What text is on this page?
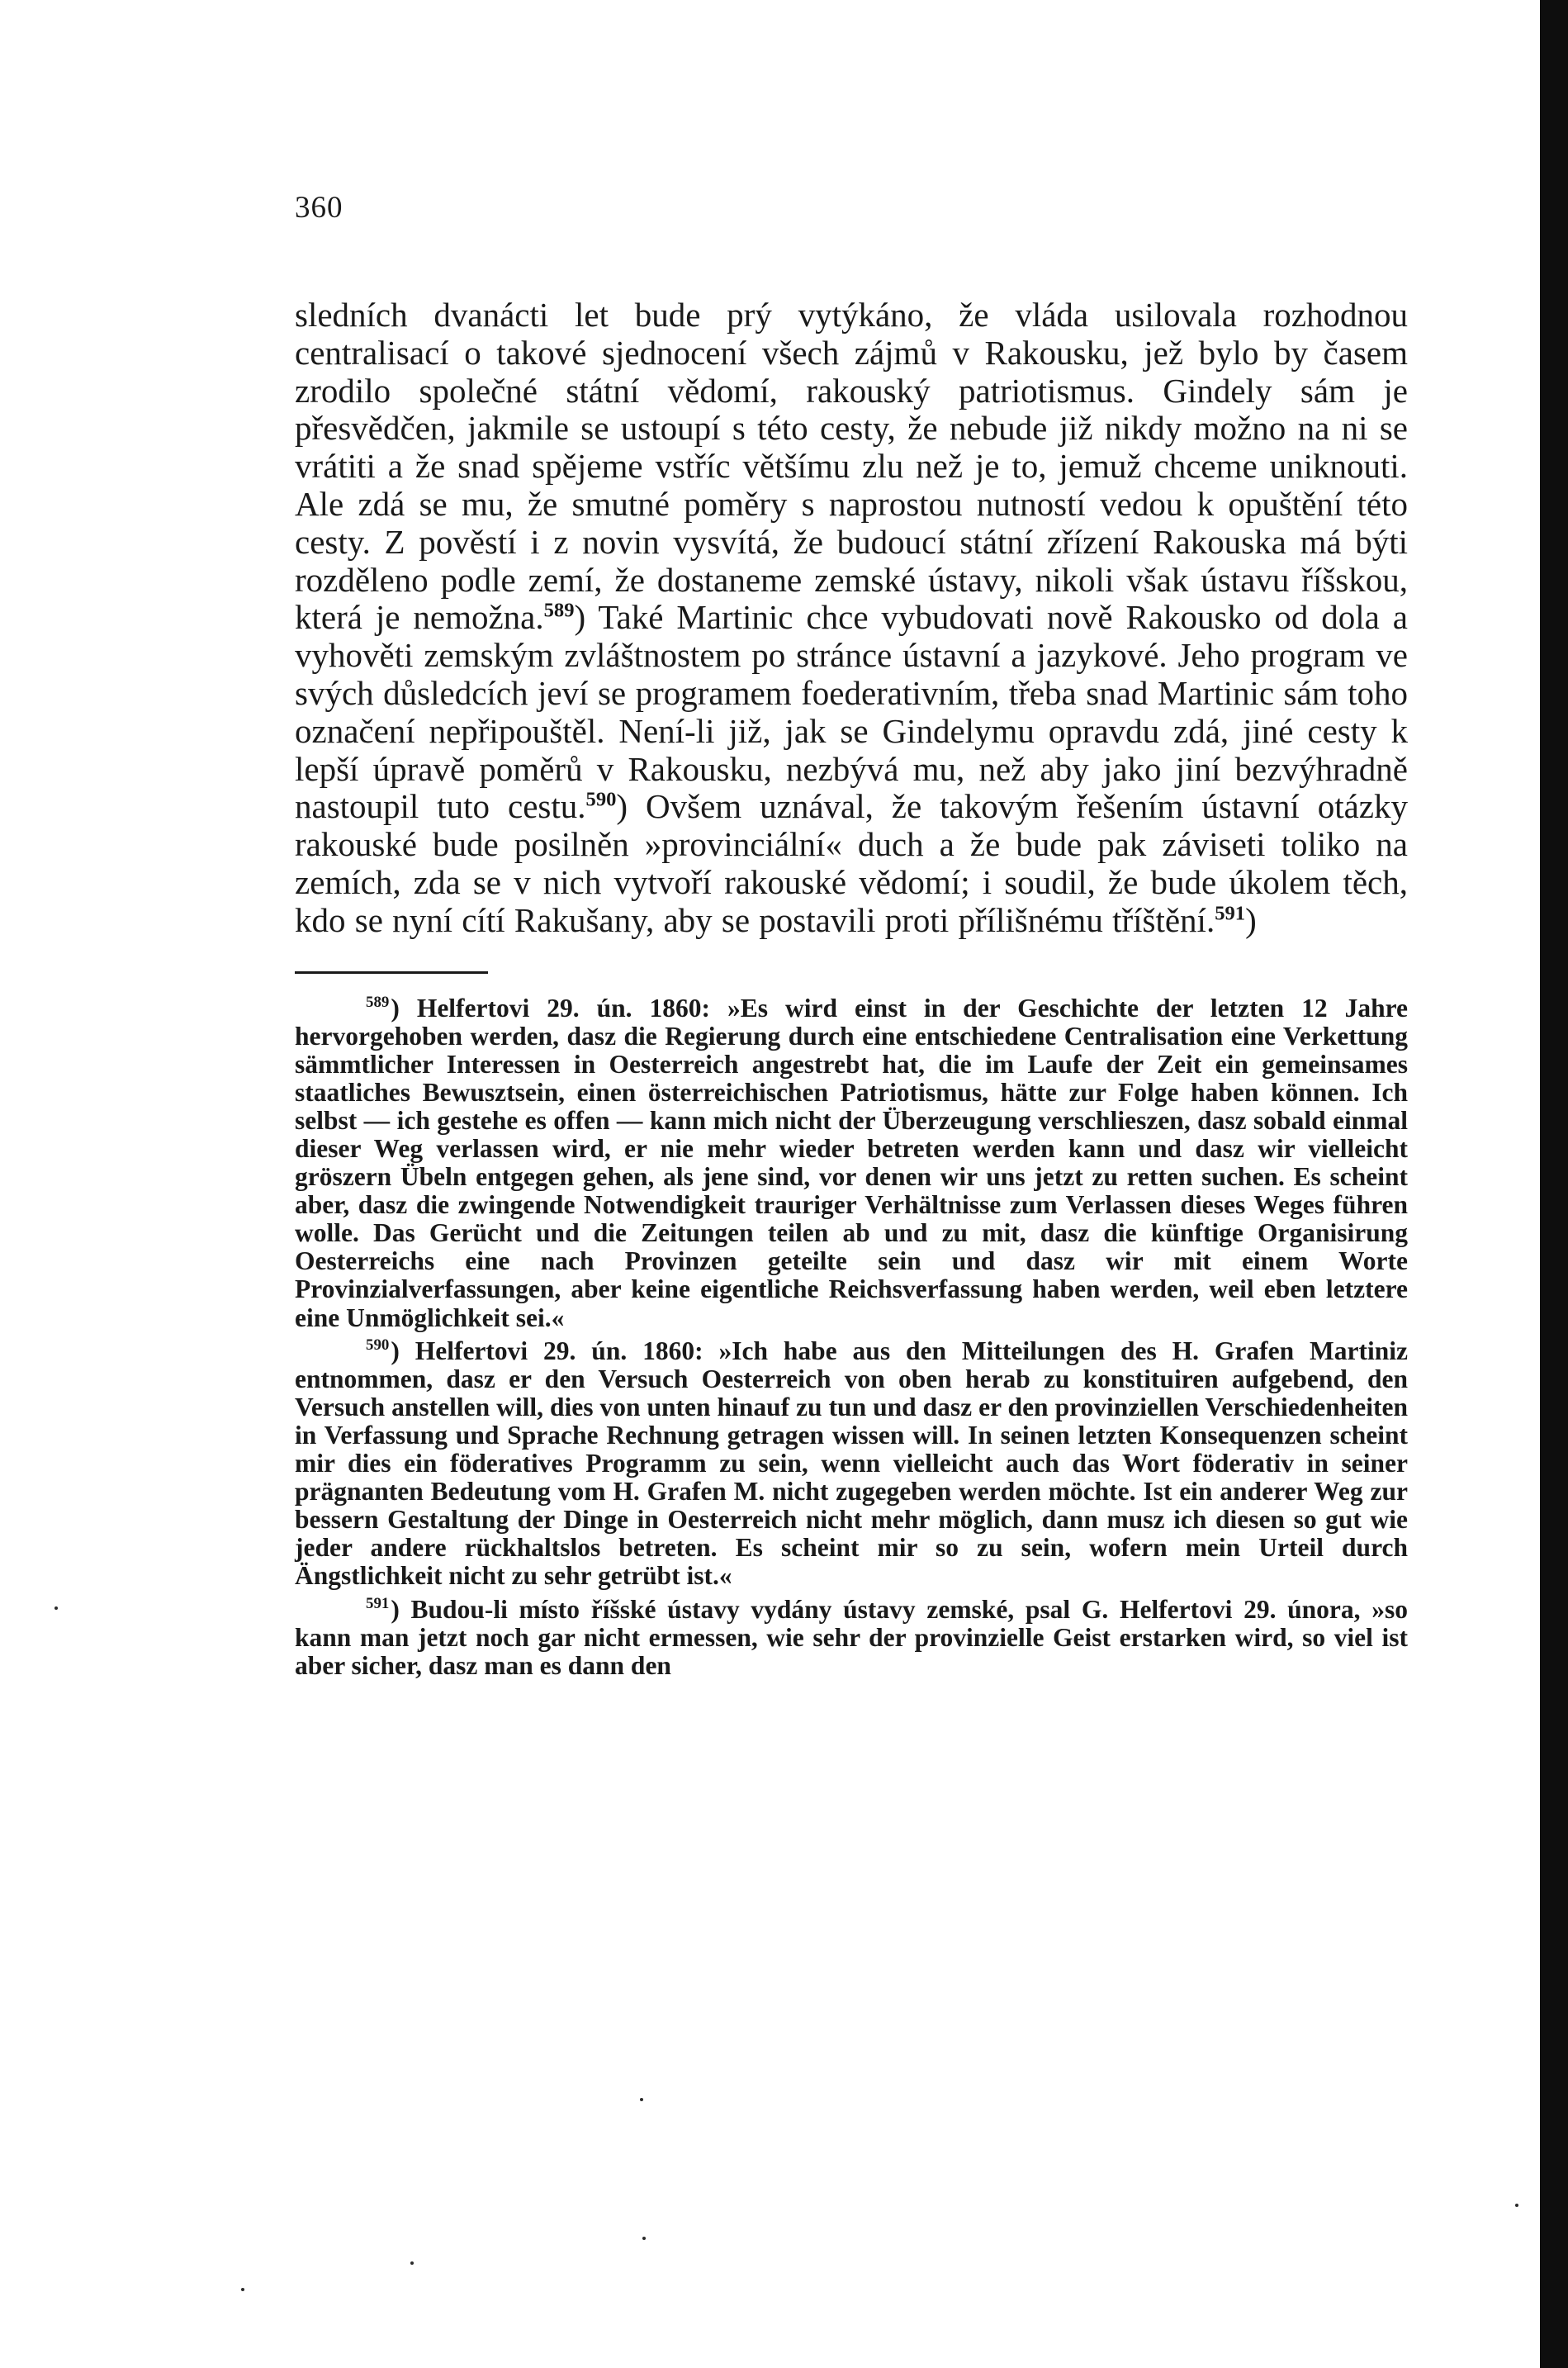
360

sledních dvanácti let bude prý vytýkáno, že vláda usilovala rozhodnou centralisací o takové sjednocení všech zájmů v Rakousku, jež bylo by časem zrodilo společné státní vědomí, rakouský patriotismus. Gindely sám je přesvědčen, jakmile se ustoupí s této cesty, že nebude již nikdy možno na ni se vrátiti a že snad spějeme vstříc většímu zlu než je to, jemuž chceme uniknouti. Ale zdá se mu, že smutné poměry s naprostou nutností vedou k opuštění této cesty. Z pověstí i z novin vysvítá, že budoucí státní zřízení Rakouska má býti rozděleno podle zemí, že dostaneme zemské ústavy, nikoli však ústavu říšskou, která je nemožna.$^{589}$) Také Martinic chce vybudovati nově Rakousko od dola a vyhověti zemským zvláštnostem po stránce ústavní a jazykové. Jeho program ve svých důsledcích jeví se programem foederativním, třeba snad Martinic sám toho označení nepřipouštěl. Není-li již, jak se Gindelymu opravdu zdá, jiné cesty k lepší úpravě poměrů v Rakousku, nezbývá mu, než aby jako jiní bezvýhradně nastoupil tuto cestu.$^{590}$) Ovšem uznával, že takovým řešením ústavní otázky rakouské bude posilněn »provinciální« duch a že bude pak záviseti toliko na zemích, zda se v nich vytvoří rakouské vědomí; i soudil, že bude úkolem těch, kdo se nyní cítí Rakušany, aby se postavili proti přílišnému tříštění.$^{591}$)

$^{589}$) Helfertovi 29. ún. 1860: »Es wird einst in der Geschichte der letzten 12 Jahre hervorgehoben werden, dasz die Regierung durch eine entschiedene Centralisation eine Verkettung sämmtlicher Interessen in Oesterreich angestrebt hat, die im Laufe der Zeit ein gemeinsames staatliches Bewusztsein, einen österreichischen Patriotismus, hätte zur Folge haben können. Ich selbst — ich gestehe es offen — kann mich nicht der Überzeugung verschlieszen, dasz sobald einmal dieser Weg verlassen wird, er nie mehr wieder betreten werden kann und dasz wir vielleicht gröszern Übeln entgegen gehen, als jene sind, vor denen wir uns jetzt zu retten suchen. Es scheint aber, dasz die zwingende Notwendigkeit trauriger Verhältnisse zum Verlassen dieses Weges führen wolle. Das Gerücht und die Zeitungen teilen ab und zu mit, dasz die künftige Organisirung Oesterreichs eine nach Provinzen geteilte sein und dasz wir mit einem Worte Provinzialverfassungen, aber keine eigentliche Reichsverfassung haben werden, weil eben letztere eine Unmöglichkeit sei.«

$^{590}$) Helfertovi 29. ún. 1860: »Ich habe aus den Mitteilungen des H. Grafen Martiniz entnommen, dasz er den Versuch Oesterreich von oben herab zu konstituiren aufgebend, den Versuch anstellen will, dies von unten hinauf zu tun und dasz er den provinziellen Verschiedenheiten in Verfassung und Sprache Rechnung getragen wissen will. In seinen letzten Konsequenzen scheint mir dies ein föderatives Programm zu sein, wenn vielleicht auch das Wort föderativ in seiner prägnanten Bedeutung vom H. Grafen M. nicht zugegeben werden möchte. Ist ein anderer Weg zur bessern Gestaltung der Dinge in Oesterreich nicht mehr möglich, dann musz ich diesen so gut wie jeder andere rückhaltslos betreten. Es scheint mir so zu sein, wofern mein Urteil durch Ängstlichkeit nicht zu sehr getrübt ist.«

$^{591}$) Budou-li místo říšské ústavy vydány ústavy zemské, psal G. Helfertovi 29. února, »so kann man jetzt noch gar nicht ermessen, wie sehr der provinzielle Geist erstarken wird, so viel ist aber sicher, dasz man es dann den
